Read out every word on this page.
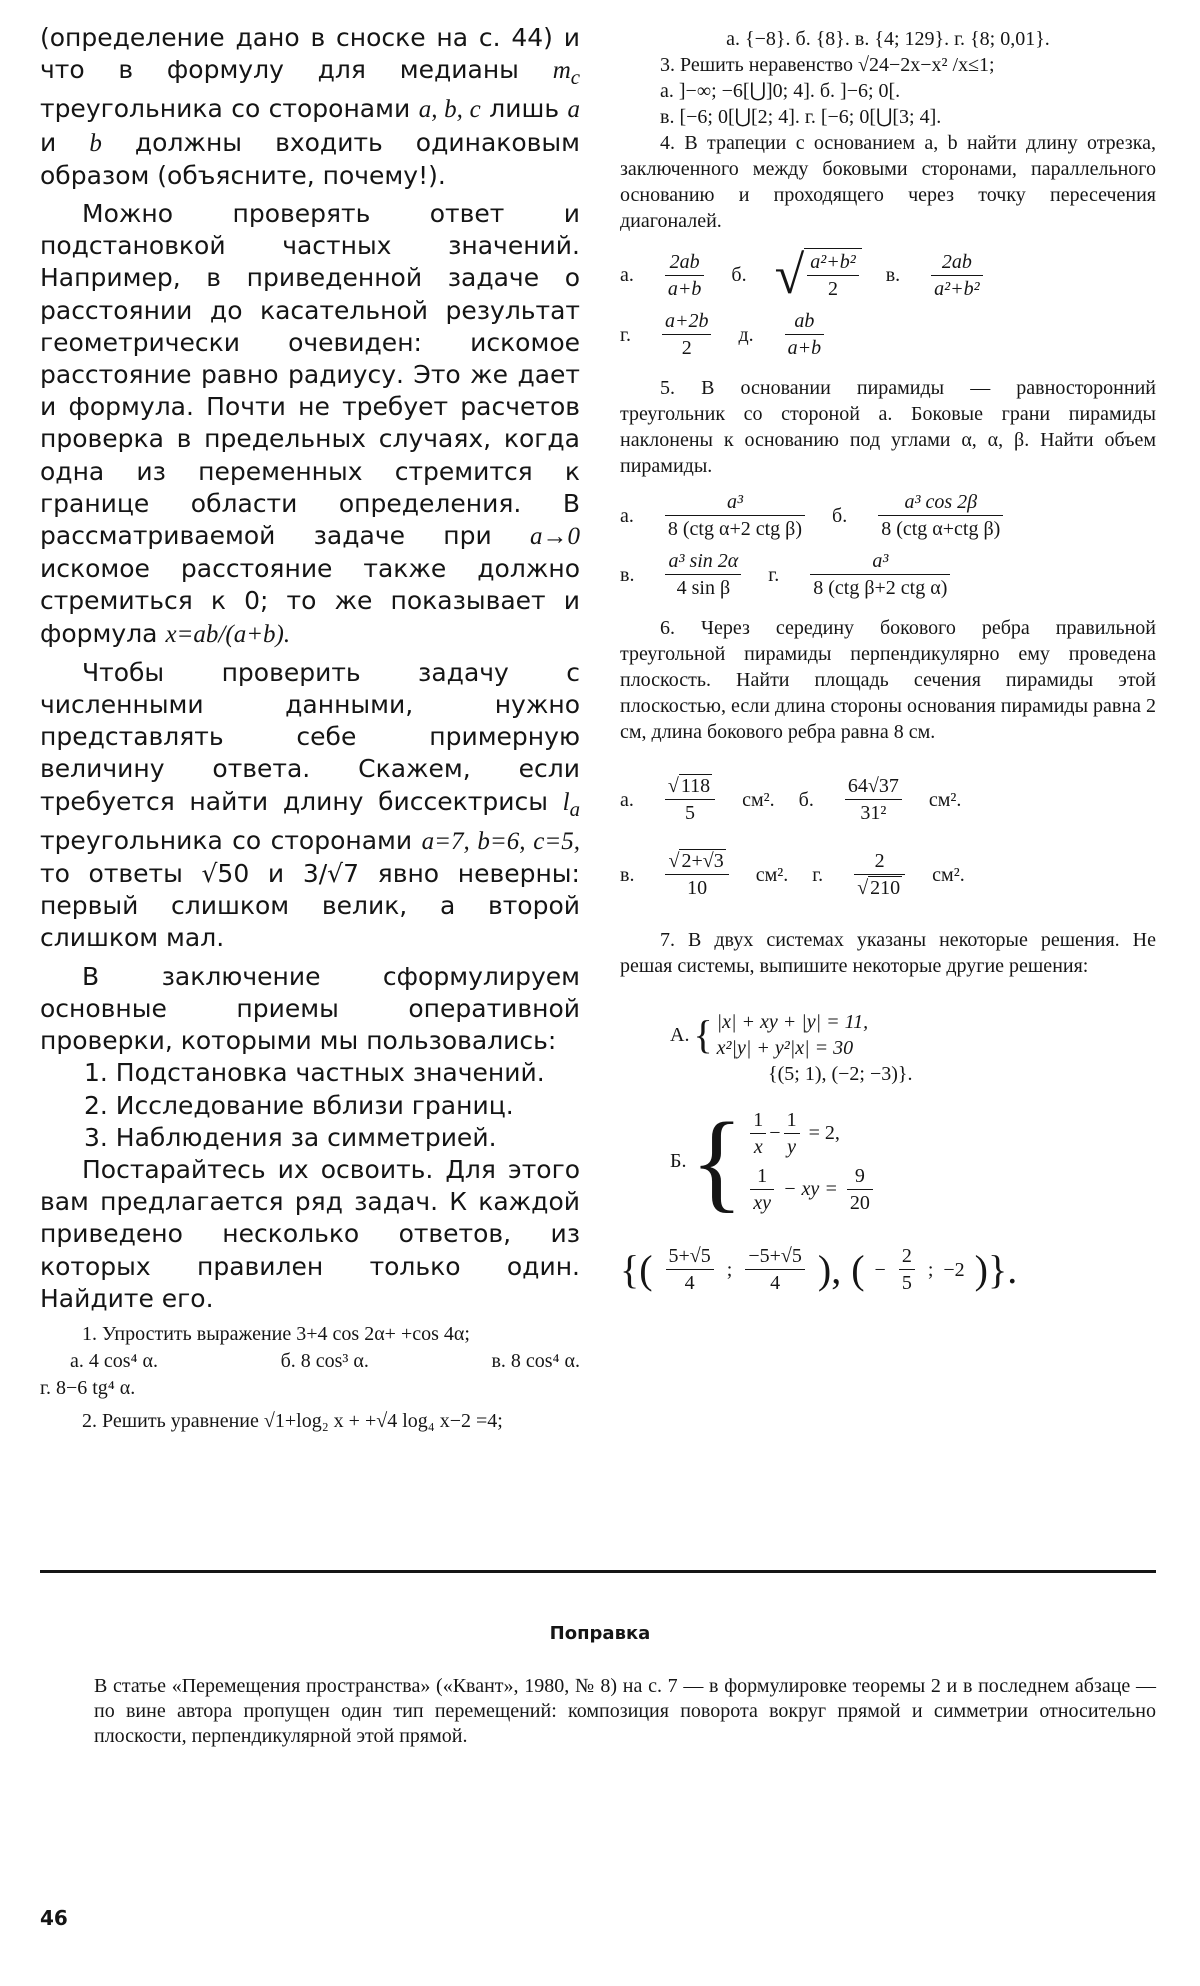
(определение дано в сноске на с. 44) и что в формулу для медианы $m_c$ треугольника со сторонами a, b, c лишь a и b должны входить одинаковым образом (объясните, почему!).

Можно проверять ответ и подстановкой частных значений. Например, в приведенной задаче о расстоянии до касательной результат геометрически очевиден: искомое расстояние равно радиусу. Это же дает и формула. Почти не требует расчетов проверка в предельных случаях, когда одна из переменных стремится к границе области определения. В рассматриваемой задаче при a→0 искомое расстояние также должно стремиться к 0; то же показывает и формула x=ab/(a+b).

Чтобы проверить задачу с численными данными, нужно представлять себе примерную величину ответа. Скажем, если требуется найти длину биссектрисы $l_a$ треугольника со сторонами a=7, b=6, c=5, то ответы √50 и 3/√7 явно неверны: первый слишком велик, а второй слишком мал.

В заключение сформулируем основные приемы оперативной проверки, которыми мы пользовались:

1. Подстановка частных значений.

2. Исследование вблизи границ.

3. Наблюдения за симметрией.

Постарайтесь их освоить. Для этого вам предлагается ряд задач. К каждой приведено несколько ответов, из которых правилен только один. Найдите его.

1. Упростить выражение 3+4 cos 2α+ +cos 4α;

а. 4 cos⁴ α.	б. 8 cos³ α.	в. 8 cos⁴ α.

г. 8−6 tg⁴ α.

2. Решить уравнение √1+log₂ x + +√4 log₄ x−2 =4;

а. {−8}. б. {8}. в. {4; 129}. г. {8; 0,01}.

3. Решить неравенство √24−2x−x² /x≤1;

а. ]−∞; −6[⋃]0; 4]. б. ]−6; 0[.

в. [−6; 0[⋃[2; 4]. г. [−6; 0[⋃[3; 4].

4. В трапеции с основанием a, b найти длину отрезка, заключенного между боковыми сторонами, параллельного основанию и проходящего через точку пересечения диагоналей.

а. $\frac{2ab}{a+b} б$. √ $\frac{\text{a²+b²}}{2} в$. $\frac{2ab}{\text{a²+b²}}$
г. $\frac{a+2b}{2} д$. $\frac{ab}{a+b}$

5. В основании пирамиды — равносторонний треугольник со стороной a. Боковые грани пирамиды наклонены к основанию под углами α, α, β. Найти объем пирамиды.

а. $\frac{\text{a³}}{\text{8 (ctg α+2 ctg β)}} б$. $\frac{\text{a³ cos 2β}}{\text{8 (ctg α+ctg β)}}$
в. $\frac{\text{a³ sin 2α}}{\text{4 sin β}} г$. $\frac{\text{a³}}{\text{8 (ctg β+2 ctg α)}}$

6. Через середину бокового ребра правильной треугольной пирамиды перпендикулярно ему проведена плоскость. Найти площадь сечения пирамиды этой плоскостью, если длина стороны основания пирамиды равна 2 см, длина бокового ребра равна 8 см.

а. $\frac{√ 118}{5} см^2$. б. $\frac{64√37}{\text{31²}} см^2$.
в. $\frac{√ 2+√3}{10} см^2$. г. $\frac{2}{√ 210} см^2$.

7. В двух системах указаны некоторые решения. Не решая системы, выпишите некоторые другие решения:

А. { |x| + xy + |y| = 11,
x²|y| + y²|x| = 30
{(5; 1), (−2; −3)}.
Б. { $\frac{1}{x} - \frac{1}{y} = 2$,
$\frac{1}{xy}$ − xy = $\frac{9}{20}$
{( $\frac{5+√5}{4}$ ; $\frac{-5+√5}{4}$ ), ( − $\frac{2}{5}$ ; −2 )}.
Поправка
В статье «Перемещения пространства» («Квант», 1980, № 8) на с. 7 — в формулировке теоремы 2 и в последнем абзаце — по вине автора пропущен один тип перемещений: композиция поворота вокруг прямой и симметрии относительно плоскости, перпендикулярной этой прямой.
46
